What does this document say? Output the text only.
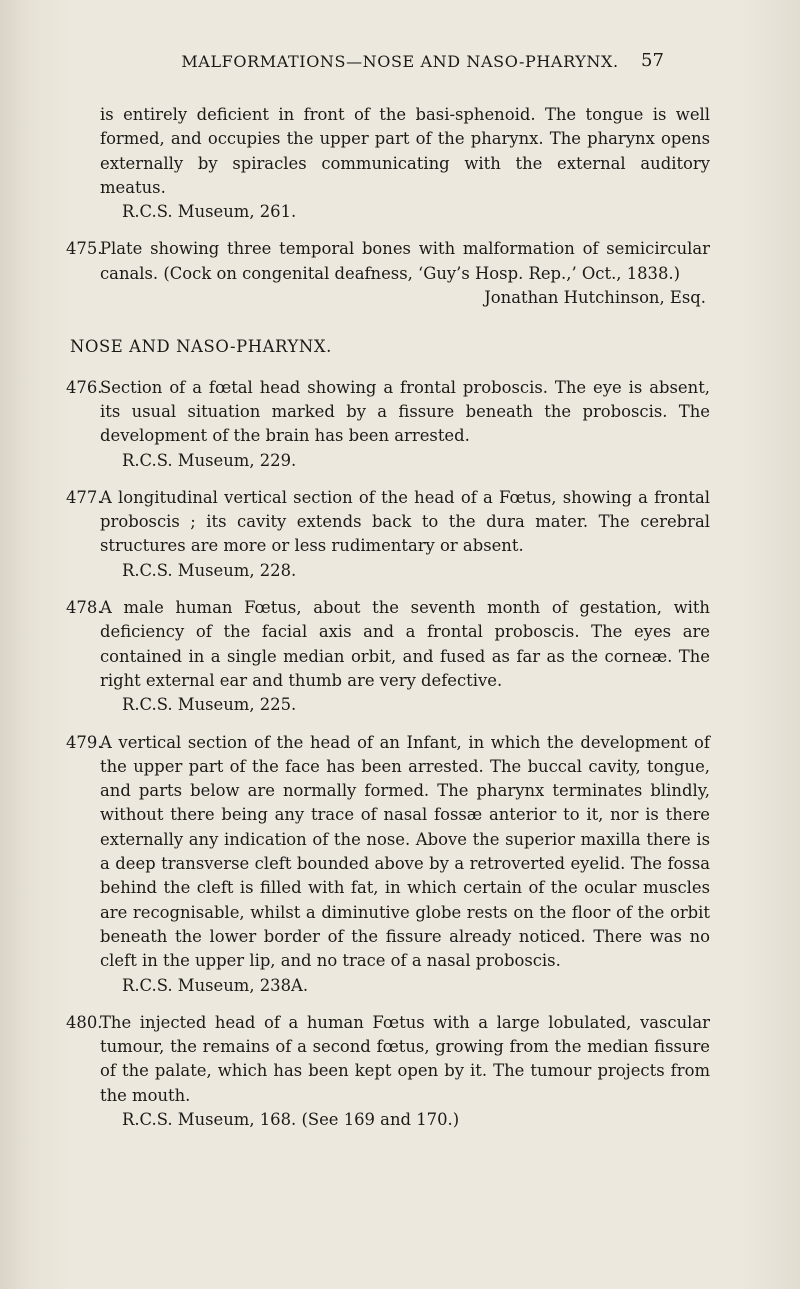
MALFORMATIONS—NOSE AND NASO-PHARYNX.	57
is entirely deficient in front of the basi-sphenoid. The tongue is well formed, and occupies the upper part of the pharynx. The pharynx opens externally by spiracles communicating with the external auditory meatus.
R.C.S. Museum, 261.
475.
Plate showing three temporal bones with malformation of semicircular canals. (Cock on congenital deafness, ‘Guy’s Hosp. Rep.,’ Oct., 1838.)
Jonathan Hutchinson, Esq.
NOSE AND NASO-PHARYNX.
476.
Section of a fœtal head showing a frontal proboscis. The eye is absent, its usual situation marked by a fissure beneath the proboscis. The development of the brain has been arrested.
R.C.S. Museum, 229.
477.
A longitudinal vertical section of the head of a Fœtus, showing a frontal proboscis ; its cavity extends back to the dura mater. The cerebral structures are more or less rudimentary or absent.
R.C.S. Museum, 228.
478.
A male human Fœtus, about the seventh month of gestation, with deficiency of the facial axis and a frontal proboscis. The eyes are contained in a single median orbit, and fused as far as the corneæ. The right external ear and thumb are very defective.
R.C.S. Museum, 225.
479.
A vertical section of the head of an Infant, in which the development of the upper part of the face has been arrested. The buccal cavity, tongue, and parts below are normally formed. The pharynx terminates blindly, without there being any trace of nasal fossæ anterior to it, nor is there externally any indication of the nose. Above the superior maxilla there is a deep transverse cleft bounded above by a retroverted eyelid. The fossa behind the cleft is filled with fat, in which certain of the ocular muscles are recognisable, whilst a diminutive globe rests on the floor of the orbit beneath the lower border of the fissure already noticed. There was no cleft in the upper lip, and no trace of a nasal proboscis.
R.C.S. Museum, 238A.
480.
The injected head of a human Fœtus with a large lobulated, vascular tumour, the remains of a second fœtus, growing from the median fissure of the palate, which has been kept open by it. The tumour projects from the mouth.
R.C.S. Museum, 168. (See 169 and 170.)
